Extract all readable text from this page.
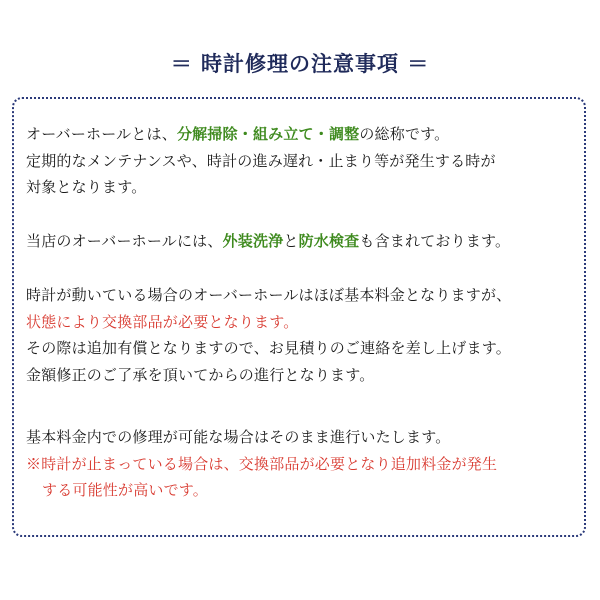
＝ 時計修理の注意事項 ＝
オーバーホールとは、分解掃除・組み立て・調整の総称です。
定期的なメンテナンスや、時計の進み遅れ・止まり等が発生する時が
対象となります。
当店のオーバーホールには、外装洗浄と防水検査も含まれております。
時計が動いている場合のオーバーホールはほぼ基本料金となりますが、
状態により交換部品が必要となります。
その際は追加有償となりますので、お見積りのご連絡を差し上げます。
金額修正のご了承を頂いてからの進行となります。
基本料金内での修理が可能な場合はそのまま進行いたします。
※時計が止まっている場合は、交換部品が必要となり追加料金が発生
する可能性が高いです。
